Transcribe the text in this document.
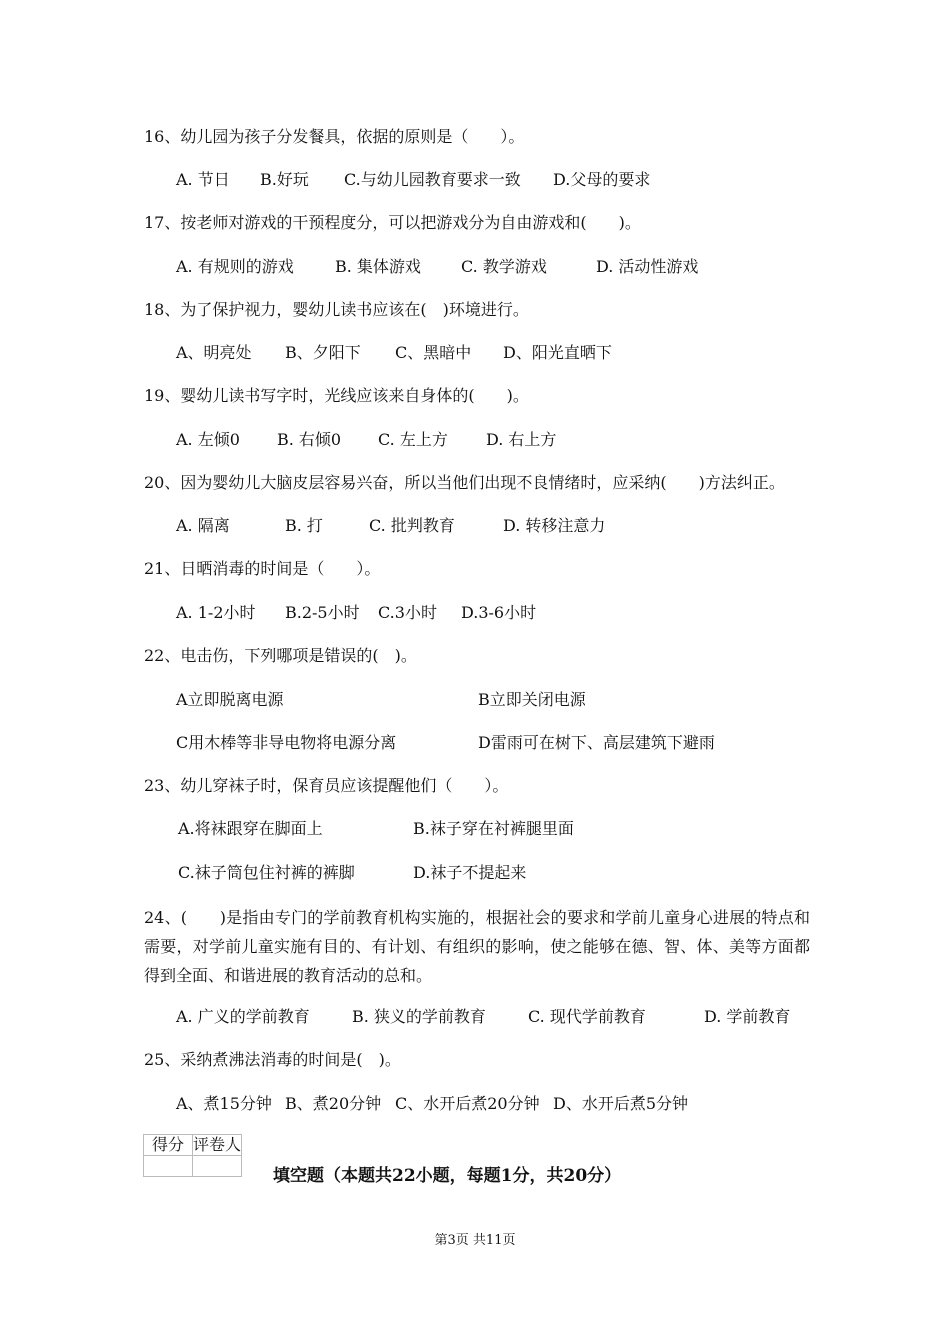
16、幼儿园为孩子分发餐具，依据的原则是（　　）。
A. 节日 B.好玩 C.与幼儿园教育要求一致 D.父母的要求
17、按老师对游戏的干预程度分，可以把游戏分为自由游戏和(　　)。
A. 有规则的游戏	B. 集体游戏	C. 教学游戏	D. 活动性游戏
18、为了保护视力，婴幼儿读书应该在(　)环境进行。
A、明亮处 B、夕阳下 C、黑暗中 D、阳光直晒下
19、婴幼儿读书写字时，光线应该来自身体的(　　)。
A. 左倾0 B. 右倾0 C. 左上方 D. 右上方
20、因为婴幼儿大脑皮层容易兴奋，所以当他们出现不良情绪时，应采纳(　　)方法纠正。
A. 隔离	B. 打	C. 批判教育	D. 转移注意力
21、日晒消毒的时间是（　　）。
A. 1-2小时 B.2-5小时 C.3小时 D.3-6小时
22、电击伤，下列哪项是错误的(　)。
A立即脱离电源	B立即关闭电源
C用木棒等非导电物将电源分离	D雷雨可在树下、高层建筑下避雨
23、幼儿穿袜子时，保育员应该提醒他们（　　）。
A.将袜跟穿在脚面上	B.袜子穿在衬裤腿里面
C.袜子筒包住衬裤的裤脚	D.袜子不提起来
24、(　　)是指由专门的学前教育机构实施的，根据社会的要求和学前儿童身心进展的特点和需要，对学前儿童实施有目的、有计划、有组织的影响，使之能够在德、智、体、美等方面都得到全面、和谐进展的教育活动的总和。
A. 广义的学前教育	B. 狭义的学前教育	C. 现代学前教育	D. 学前教育
25、采纳煮沸法消毒的时间是(　)。
A、煮15分钟 B、煮20分钟 C、水开后煮20分钟 D、水开后煮5分钟
得分	评卷人

填空题（本题共22小题，每题1分，共20分）
第3页 共11页
